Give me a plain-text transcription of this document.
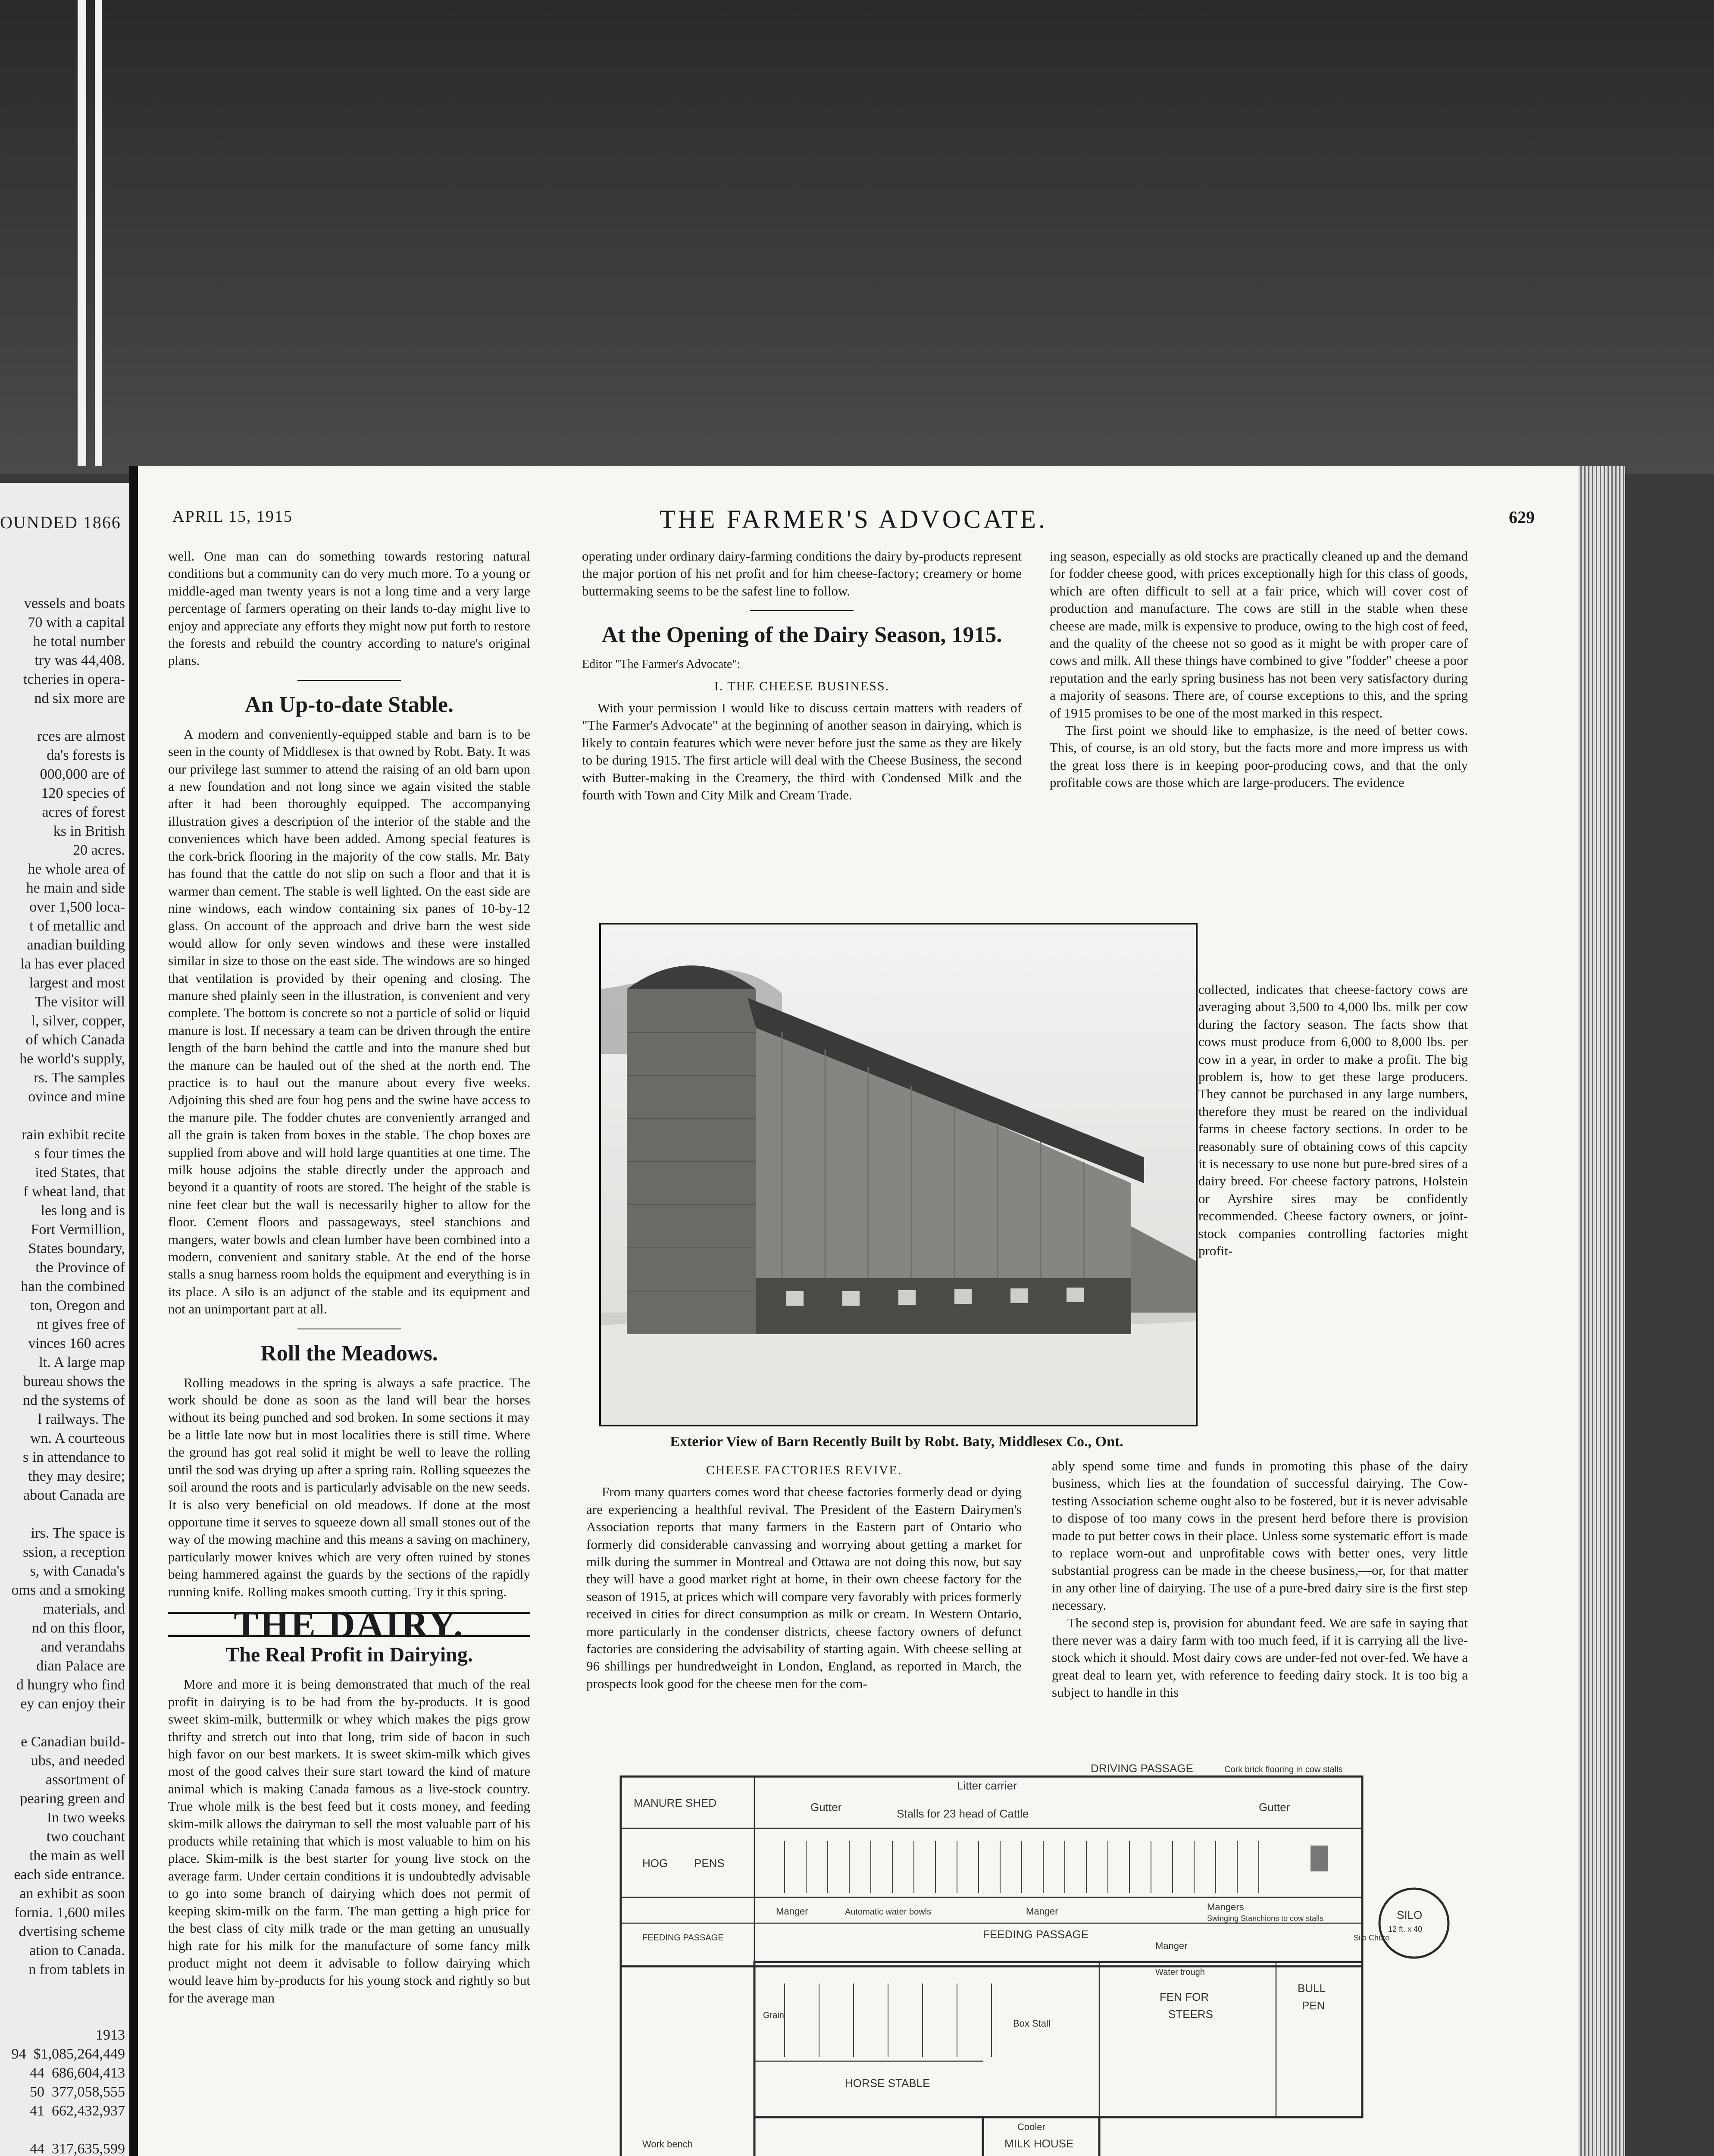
OUNDED 1866

vessels and boats
70 with a capital
he total number
try was 44,408.
tcheries in opera-
nd six more are

rces are almost
da's forests is
000,000 are of
120 species of
acres of forest
ks in British
20 acres.
he whole area of
he main and side
over 1,500 loca-
t of metallic and
anadian building
la has ever placed
largest and most
The visitor will
l, silver, copper,
of which Canada
he world's supply,
rs. The samples
ovince and mine

rain exhibit recite
s four times the
ited States, that
f wheat land, that
les long and is
Fort Vermillion,
States boundary,
the Province of
han the combined
ton, Oregon and
nt gives free of
vinces 160 acres
lt. A large map
bureau shows the
nd the systems of
l railways. The
wn. A courteous
s in attendance to
they may desire;
about Canada are

irs. The space is
ssion, a reception
s, with Canada's
oms and a smoking
materials, and
nd on this floor,
and verandahs
dian Palace are
d hungry who find
ey can enjoy their

e Canadian build-
ubs, and needed
assortment of
pearing green and
In two weeks
two couchant
the main as well
each side entrance.
an exhibit as soon
fornia. 1,600 miles
dvertising scheme
ation to Canada.
n from tablets in

1913
94  $1,085,264,449
44  686,604,413
50  377,058,555
41  662,432,937

44  317,635,599

THE FARMER'S ADVOCATE.
APRIL 15, 1915	629

well. One man can do something towards restoring natural conditions but a community can do very much more. To a young or middle-aged man twenty years is not a long time and a very large percentage of farmers operating on their lands to-day might live to enjoy and appreciate any efforts they might now put forth to restore the forests and rebuild the country according to nature's original plans.

An Up-to-date Stable.

A modern and conveniently-equipped stable and barn is to be seen in the county of Middlesex is that owned by Robt. Baty. It was our privilege last summer to attend the raising of an old barn upon a new foundation and not long since we again visited the stable after it had been thoroughly equipped. The accompanying illustration gives a description of the interior of the stable and the conveniences which have been added. Among special features is the cork-brick flooring in the majority of the cow stalls. Mr. Baty has found that the cattle do not slip on such a floor and that it is warmer than cement. The stable is well lighted. On the east side are nine windows, each window containing six panes of 10-by-12 glass. On account of the approach and drive barn the west side would allow for only seven windows and these were installed similar in size to those on the east side. The windows are so hinged that ventilation is provided by their opening and closing. The manure shed plainly seen in the illustration, is convenient and very complete. The bottom is concrete so not a particle of solid or liquid manure is lost. If necessary a team can be driven through the entire length of the barn behind the cattle and into the manure shed but the manure can be hauled out of the shed at the north end. The practice is to haul out the manure about every five weeks. Adjoining this shed are four hog pens and the swine have access to the manure pile. The fodder chutes are conveniently arranged and all the grain is taken from boxes in the stable. The chop boxes are supplied from above and will hold large quantities at one time. The milk house adjoins the stable directly under the approach and beyond it a quantity of roots are stored. The height of the stable is nine feet clear but the wall is necessarily higher to allow for the floor. Cement floors and passageways, steel stanchions and mangers, water bowls and clean lumber have been combined into a modern, convenient and sanitary stable. At the end of the horse stalls a snug harness room holds the equipment and everything is in its place. A silo is an adjunct of the stable and its equipment and not an unimportant part at all.

Roll the Meadows.

Rolling meadows in the spring is always a safe practice. The work should be done as soon as the land will bear the horses without its being punched and sod broken. In some sections it may be a little late now but in most localities there is still time. Where the ground has got real solid it might be well to leave the rolling until the sod was drying up after a spring rain. Rolling squeezes the soil around the roots and is particularly advisable on the new seeds. It is also very beneficial on old meadows. If done at the most opportune time it serves to squeeze down all small stones out of the way of the mowing machine and this means a saving on machinery, particularly mower knives which are very often ruined by stones being hammered against the guards by the sections of the rapidly running knife. Rolling makes smooth cutting. Try it this spring.

THE DAIRY.
The Real Profit in Dairying.

More and more it is being demonstrated that much of the real profit in dairying is to be had from the by-products. It is good sweet skim-milk, buttermilk or whey which makes the pigs grow thrifty and stretch out into that long, trim side of bacon in such high favor on our best markets. It is sweet skim-milk which gives most of the good calves their sure start toward the kind of mature animal which is making Canada famous as a live-stock country. True whole milk is the best feed but it costs money, and feeding skim-milk allows the dairyman to sell the most valuable part of his products while retaining that which is most valuable to him on his place. Skim-milk is the best starter for young live stock on the average farm. Under certain conditions it is undoubtedly advisable to go into some branch of dairying which does not permit of keeping skim-milk on the farm. The man getting a high price for the best class of city milk trade or the man getting an unusually high rate for his milk for the manufacture of some fancy milk product might not deem it advisable to follow dairying which would leave him by-products for his young stock and rightly so but for the average man

operating under ordinary dairy-farming conditions the dairy by-products represent the major portion of his net profit and for him cheese-factory; creamery or home buttermaking seems to be the safest line to follow.

At the Opening of the Dairy Season, 1915.

Editor "The Farmer's Advocate":

I. THE CHEESE BUSINESS.

With your permission I would like to discuss certain matters with readers of "The Farmer's Advocate" at the beginning of another season in dairying, which is likely to contain features which were never before just the same as they are likely to be during 1915. The first article will deal with the Cheese Business, the second with Butter-making in the Creamery, the third with Condensed Milk and the fourth with Town and City Milk and Cream Trade.

ing season, especially as old stocks are practically cleaned up and the demand for fodder cheese good, with prices exceptionally high for this class of goods, which are often difficult to sell at a fair price, which will cover cost of production and manufacture. The cows are still in the stable when these cheese are made, milk is expensive to produce, owing to the high cost of feed, and the quality of the cheese not so good as it might be with proper care of cows and milk. All these things have combined to give "fodder" cheese a poor reputation and the early spring business has not been very satisfactory during a majority of seasons. There are, of course exceptions to this, and the spring of 1915 promises to be one of the most marked in this respect.

The first point we should like to emphasize, is the need of better cows. This, of course, is an old story, but the facts more and more impress us with the great loss there is in keeping poor-producing cows, and that the only profitable cows are those which are large-producers. The evidence

collected, indicates that cheese-factory cows are averaging about 3,500 to 4,000 lbs. milk per cow during the factory season. The facts show that cows must produce from 6,000 to 8,000 lbs. per cow in a year, in order to make a profit. The big problem is, how to get these large producers. They cannot be purchased in any large numbers, therefore they must be reared on the individual farms in cheese factory sections. In order to be reasonably sure of obtaining cows of this capcity it is necessary to use none but pure-bred sires of a dairy breed. For cheese factory patrons, Holstein or Ayrshire sires may be confidently recommended. Cheese factory owners, or joint-stock companies controlling factories might profit-

Exterior View of Barn Recently Built by Robt. Baty, Middlesex Co., Ont.
CHEESE FACTORIES REVIVE.

From many quarters comes word that cheese factories formerly dead or dying are experiencing a healthful revival. The President of the Eastern Dairymen's Association reports that many farmers in the Eastern part of Ontario who formerly did considerable canvassing and worrying about getting a market for milk during the summer in Montreal and Ottawa are not doing this now, but say they will have a good market right at home, in their own cheese factory for the season of 1915, at prices which will compare very favorably with prices formerly received in cities for direct consumption as milk or cream. In Western Ontario, more particularly in the condenser districts, cheese factory owners of defunct factories are considering the advisability of starting again. With cheese selling at 96 shillings per hundredweight in London, England, as reported in March, the prospects look good for the cheese men for the com-

ably spend some time and funds in promoting this phase of the dairy business, which lies at the foundation of successful dairying. The Cow-testing Association scheme ought also to be fostered, but it is never advisable to dispose of too many cows in the present herd before there is provision made to put better cows in their place. Unless some systematic effort is made to replace worn-out and unprofitable cows with better ones, very little substantial progress can be made in the cheese business,—or, for that matter in any other line of dairying. The use of a pure-bred dairy sire is the first step necessary.

The second step is, provision for abundant feed. We are safe in saying that there never was a dairy farm with too much feed, if it is carrying all the live-stock which it should. Most dairy cows are under-fed not over-fed. We have a great deal to learn yet, with reference to feeding dairy stock. It is too big a subject to handle in this

MANURE SHED
DRIVING PASSAGE	Cork brick flooring in cow stalls
Litter carrier
Gutter	Gutter
Stalls for 23 head of Cattle
HOG PENS
FEEDING PASSAGE
Automatic water bowls
FEEDING PASSAGE
Manger	Manger	Mangers
Swinging Stanchions to cow stalls
Manger
SILO
12 ft. x 40
Silo Chute
Water trough
FEN FOR
STEERS
BULL
PEN
HORSE STABLE
Grain
Box Stall
Cooler
MILK HOUSE
Work bench
